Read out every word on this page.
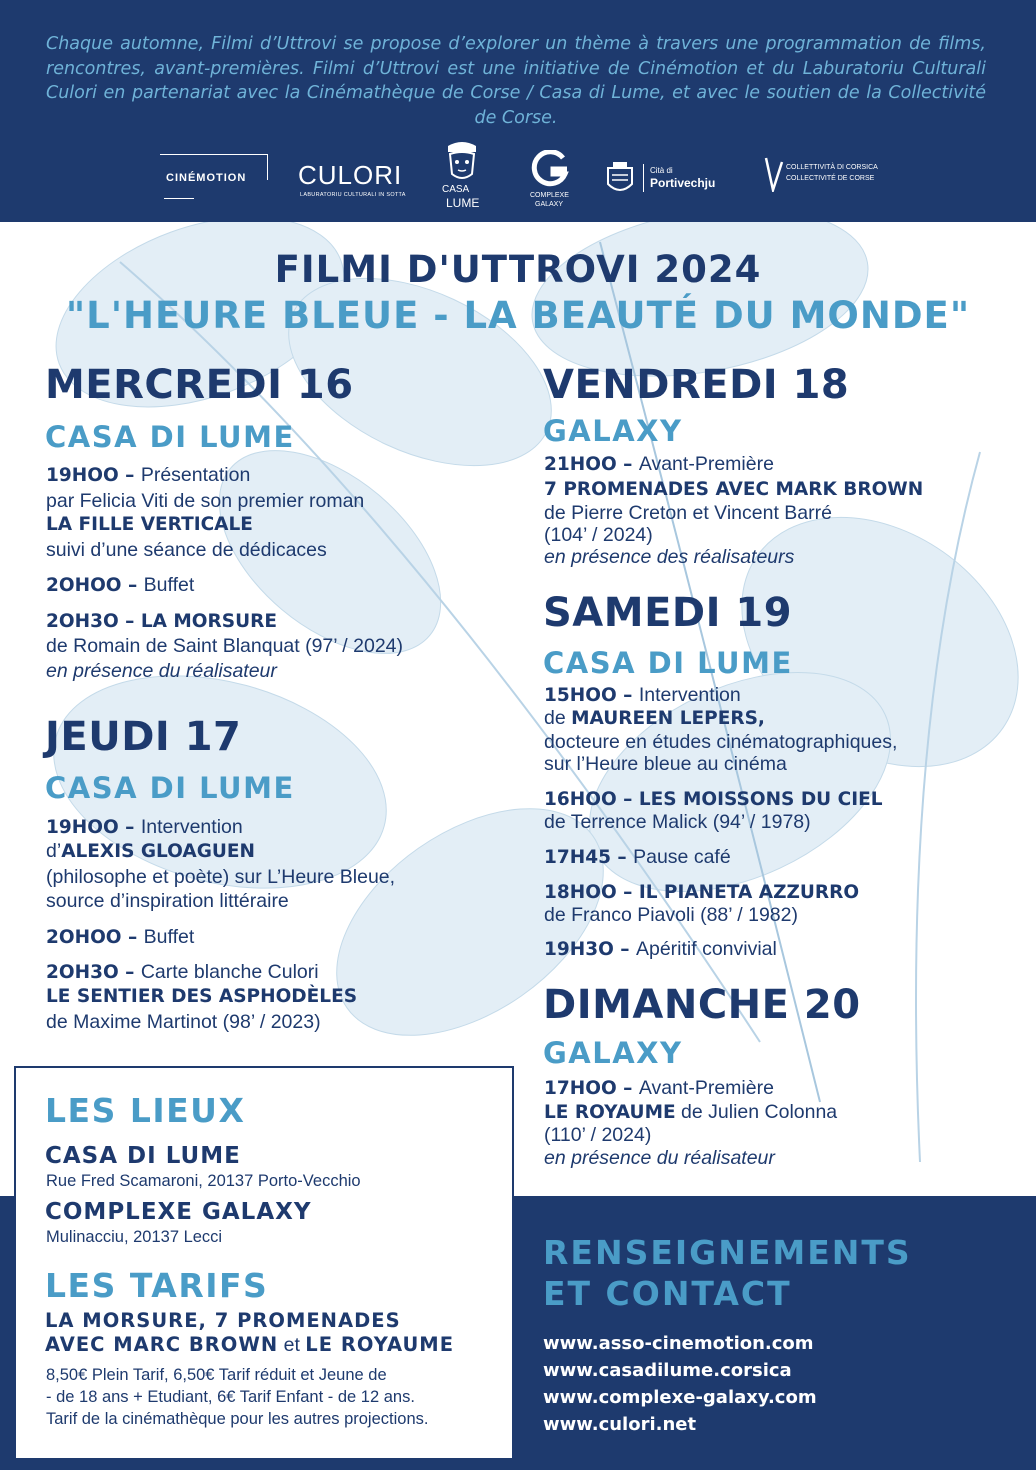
Chaque automne, Filmi d’Uttrovi se propose d’explorer un thème à travers une programmation de films, rencontres, avant-premières. Filmi d’Uttrovi est une initiative de Cinémotion et du Laburatoriu Culturali Culori en partenariat avec la Cinémathèque de Corse / Casa di Lume, et avec le soutien de la Collectivité de Corse.

CINÉMOTION CULORI
LABURATORIU CULTURALI IN SOTTA	CASA
LUME
COMPLEXE
GALAXY
Cità di
Portivechju
COLLETTIVITÀ DI CORSICA
COLLECTIVITÉ DE CORSE
FILMI D'UTTROVI 2024
"L'HEURE BLEUE - LA BEAUTÉ DU MONDE"
MERCREDI 16
CASA DI LUME
19HOO – Présentation
par Felicia Viti de son premier roman
LA FILLE VERTICALE
suivi d’une séance de dédicaces
2OHOO – Buffet
2OH3O – LA MORSURE
de Romain de Saint Blanquat (97’ / 2024)
en présence du réalisateur
JEUDI 17
CASA DI LUME
19HOO – Intervention
d’ALEXIS GLOAGUEN
(philosophe et poète) sur L’Heure Bleue,
source d’inspiration littéraire
2OHOO – Buffet
2OH3O – Carte blanche Culori
LE SENTIER DES ASPHODÈLES
de Maxime Martinot (98’ / 2023)
VENDREDI 18
GALAXY
21HOO – Avant-Première
7 PROMENADES AVEC MARK BROWN
de Pierre Creton et Vincent Barré
(104’ / 2024)
en présence des réalisateurs
SAMEDI 19
CASA DI LUME
15HOO – Intervention
de MAUREEN LEPERS,
docteure en études cinématographiques,
sur l’Heure bleue au cinéma
16HOO – LES MOISSONS DU CIEL
de Terrence Malick (94’ / 1978)
17H45 – Pause café
18HOO – IL PIANETA AZZURRO
de Franco Piavoli (88’ / 1982)
19H3O – Apéritif convivial
DIMANCHE 20
GALAXY
17HOO – Avant-Première
LE ROYAUME de Julien Colonna
(110’ / 2024)
en présence du réalisateur
LES LIEUX
CASA DI LUME
Rue Fred Scamaroni, 20137 Porto-Vecchio
COMPLEXE GALAXY
Mulinacciu, 20137 Lecci
LES TARIFS
LA MORSURE, 7 PROMENADES
AVEC MARC BROWN et LE ROYAUME
8,50€ Plein Tarif, 6,50€ Tarif réduit et Jeune de
- de 18 ans + Etudiant, 6€ Tarif Enfant - de 12 ans.
Tarif de la cinémathèque pour les autres projections.
RENSEIGNEMENTS
ET CONTACT
www.asso-cinemotion.com
www.casadilume.corsica
www.complexe-galaxy.com
www.culori.net
